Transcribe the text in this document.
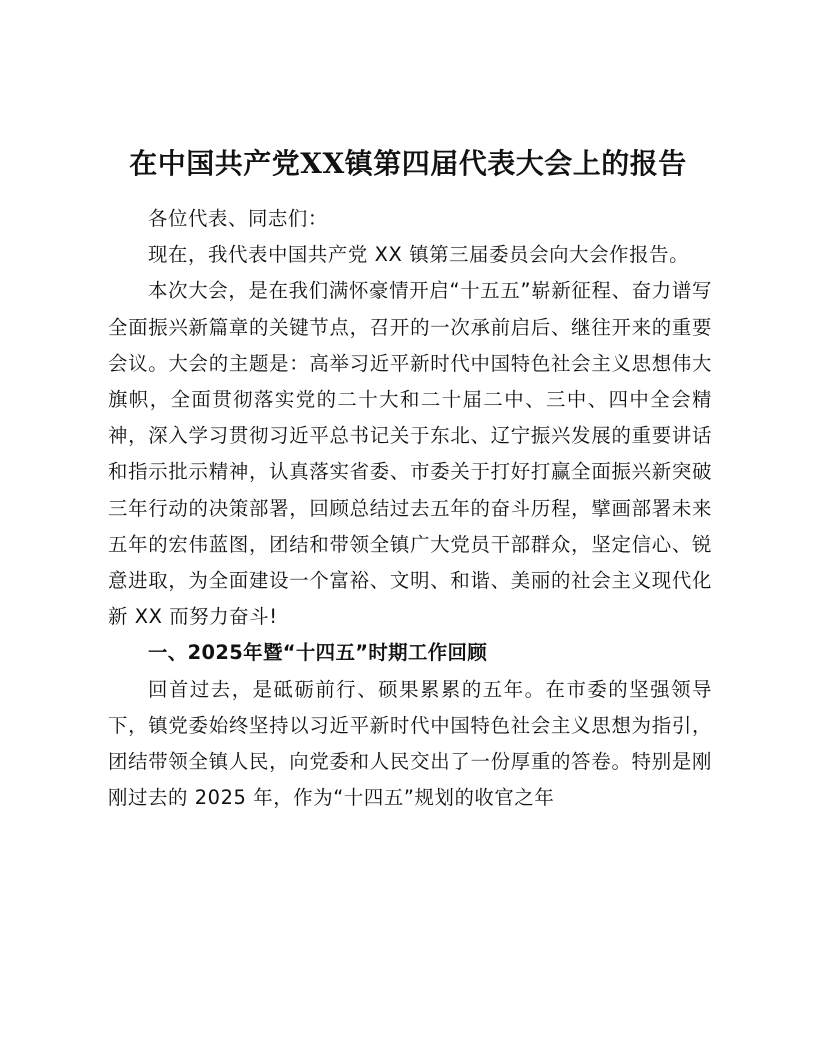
在中国共产党XX镇第四届代表大会上的报告

各位代表、同志们：

现在，我代表中国共产党 XX 镇第三届委员会向大会作报告。

本次大会，是在我们满怀豪情开启“十五五”崭新征程、奋力谱写全面振兴新篇章的关键节点，召开的一次承前启后、继往开来的重要会议。大会的主题是：高举习近平新时代中国特色社会主义思想伟大旗帜，全面贯彻落实党的二十大和二十届二中、三中、四中全会精神，深入学习贯彻习近平总书记关于东北、辽宁振兴发展的重要讲话和指示批示精神，认真落实省委、市委关于打好打赢全面振兴新突破三年行动的决策部署，回顾总结过去五年的奋斗历程，擘画部署未来五年的宏伟蓝图，团结和带领全镇广大党员干部群众，坚定信心、锐意进取，为全面建设一个富裕、文明、和谐、美丽的社会主义现代化新 XX 而努力奋斗!

一、2025年暨“十四五”时期工作回顾

回首过去，是砥砺前行、硕果累累的五年。在市委的坚强领导下，镇党委始终坚持以习近平新时代中国特色社会主义思想为指引，团结带领全镇人民，向党委和人民交出了一份厚重的答卷。特别是刚刚过去的 2025 年，作为“十四五”规划的收官之年
